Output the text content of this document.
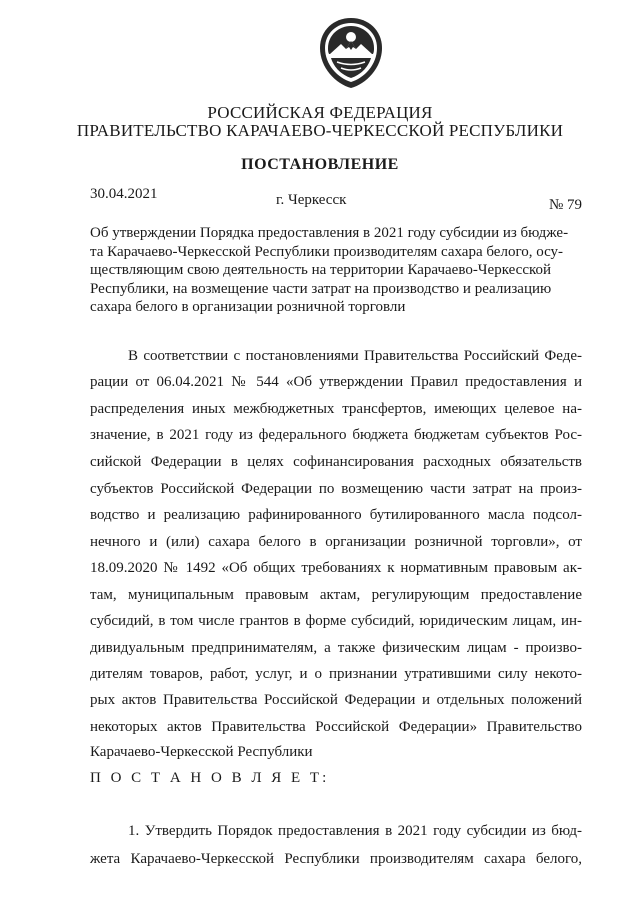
РОССИЙСКАЯ ФЕДЕРАЦИЯ
ПРАВИТЕЛЬСТВО КАРАЧАЕВО-ЧЕРКЕССКОЙ РЕСПУБЛИКИ
ПОСТАНОВЛЕНИЕ
30.04.2021	г. Черкесск	№ 79
Об утверждении Порядка предоставления в 2021 году субсидии из бюдже-
та Карачаево-Черкесской Республики производителям сахара белого, осу-
ществляющим свою деятельность на территории Карачаево-Черкесской
Республики, на возмещение части затрат на производство и реализацию
сахара белого в организации розничной торговли
В соответствии с постановлениями Правительства Российский Феде-
рации от 06.04.2021 № 544 «Об утверждении Правил предоставления и
распределения иных межбюджетных трансфертов, имеющих целевое на-
значение, в 2021 году из федерального бюджета бюджетам субъектов Рос-
сийской Федерации в целях софинансирования расходных обязательств
субъектов Российской Федерации по возмещению части затрат на произ-
водство и реализацию рафинированного бутилированного масла подсол-
нечного и (или) сахара белого в организации розничной торговли», от
18.09.2020 № 1492 «Об общих требованиях к нормативным правовым ак-
там, муниципальным правовым актам, регулирующим предоставление
субсидий, в том числе грантов в форме субсидий, юридическим лицам, ин-
дивидуальным предпринимателям, а также физическим лицам - произво-
дителям товаров, работ, услуг, и о признании утратившими силу некото-
рых актов Правительства Российской Федерации и отдельных положений
некоторых актов Правительства Российской Федерации» Правительство
Карачаево-Черкесской Республики
П О С Т А Н О В Л Я Е Т:
1. Утвердить Порядок предоставления в 2021 году субсидии из бюд-
жета Карачаево-Черкесской Республики производителям сахара белого,
